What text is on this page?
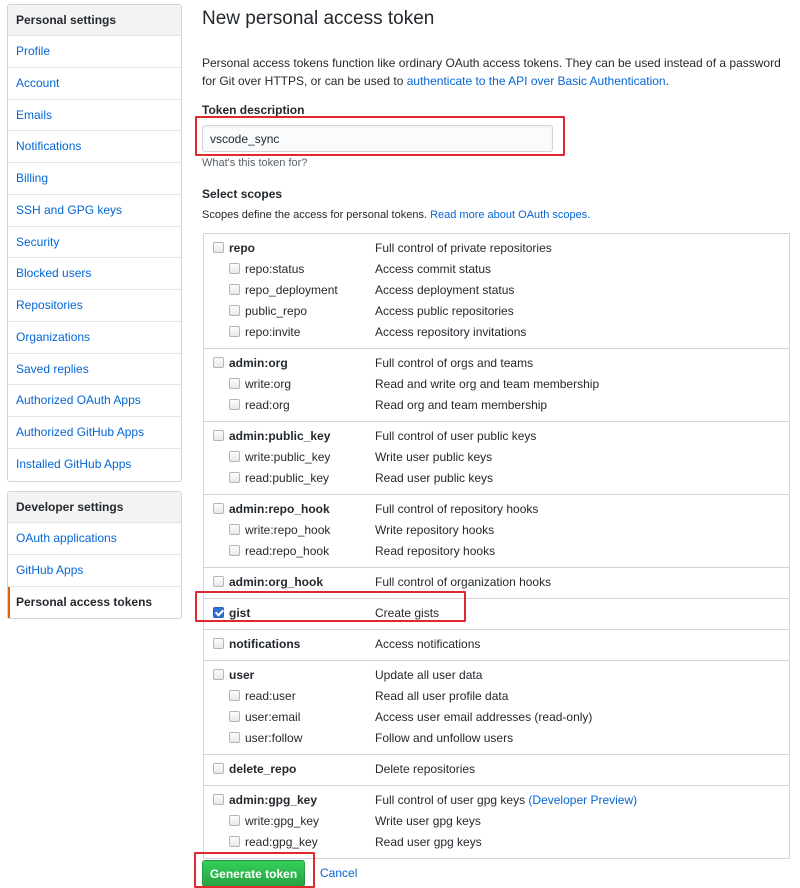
Personal settings
Profile
Account
Emails
Notifications
Billing
SSH and GPG keys
Security
Blocked users
Repositories
Organizations
Saved replies
Authorized OAuth Apps
Authorized GitHub Apps
Installed GitHub Apps
Developer settings
OAuth applications
GitHub Apps
Personal access tokens
New personal access token

Personal access tokens function like ordinary OAuth access tokens. They can be used instead of a password for Git over HTTPS, or can be used to authenticate to the API over Basic Authentication.

Token description
vscode_sync
What's this token for?
Select scopes

Scopes define the access for personal tokens. Read more about OAuth scopes.

repo	Full control of private repositories
repo:status	Access commit status
repo_deployment	Access deployment status
public_repo	Access public repositories
repo:invite	Access repository invitations
admin:org	Full control of orgs and teams
write:org	Read and write org and team membership
read:org	Read org and team membership
admin:public_key	Full control of user public keys
write:public_key	Write user public keys
read:public_key	Read user public keys
admin:repo_hook	Full control of repository hooks
write:repo_hook	Write repository hooks
read:repo_hook	Read repository hooks
admin:org_hook	Full control of organization hooks
gist	Create gists
notifications	Access notifications
user	Update all user data
read:user	Read all user profile data
user:email	Access user email addresses (read-only)
user:follow	Follow and unfollow users
delete_repo	Delete repositories
admin:gpg_key	Full control of user gpg keys (Developer Preview)
write:gpg_key	Write user gpg keys
read:gpg_key	Read user gpg keys
Generate token	Cancel
